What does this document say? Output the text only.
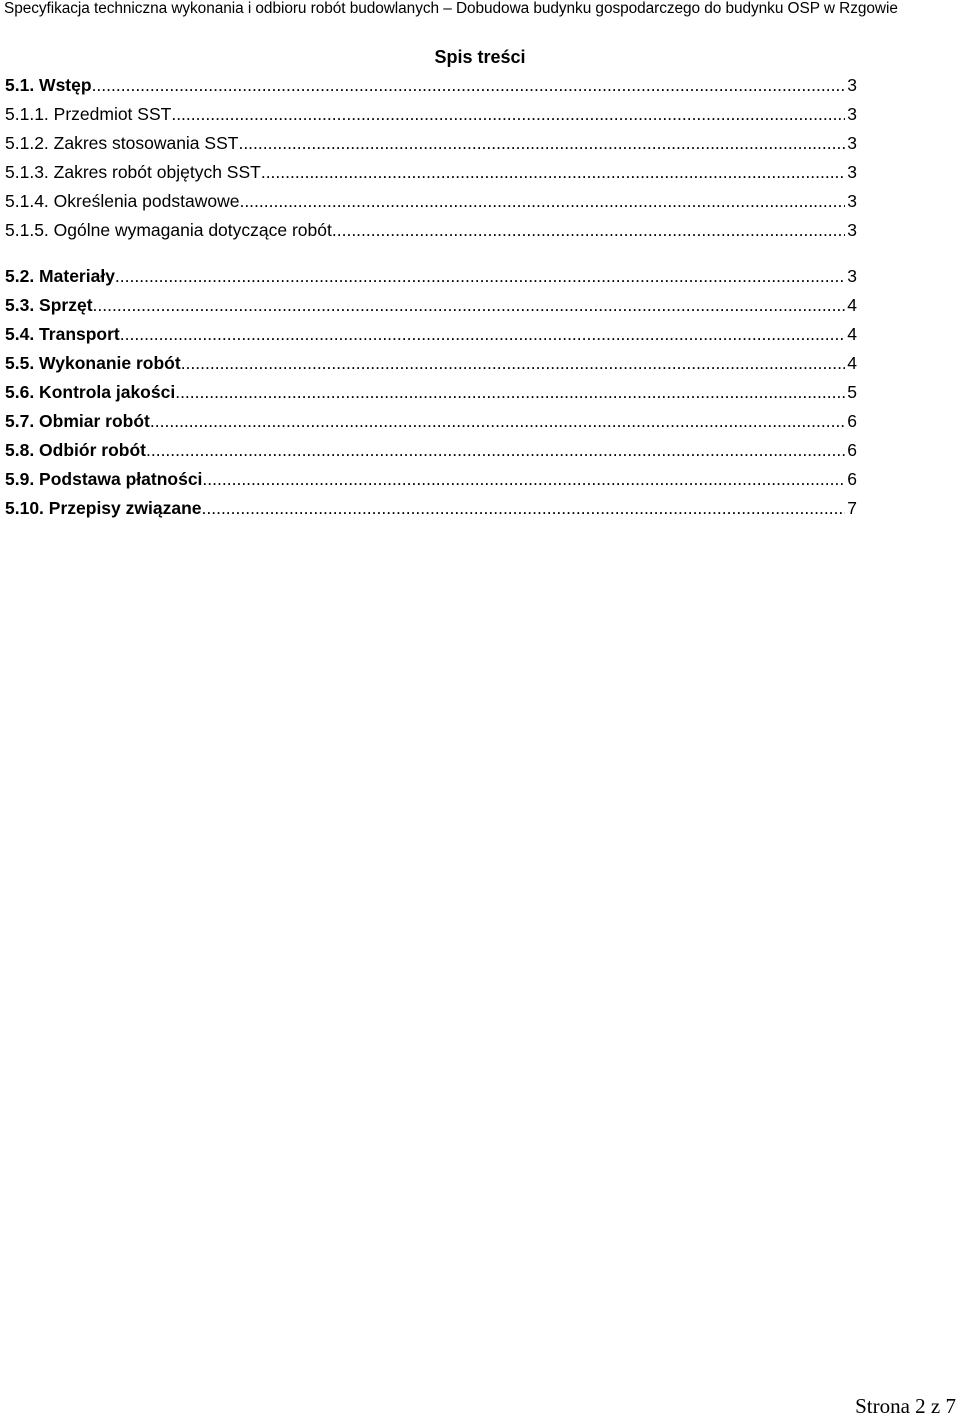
Specyfikacja techniczna wykonania i odbioru robót budowlanych – Dobudowa budynku gospodarczego do budynku OSP w Rzgowie
Spis treści
5.1. Wstęp .....	3
5.1.1. Przedmiot SST .....	3
5.1.2. Zakres stosowania SST .....	3
5.1.3. Zakres robót objętych SST .....	3
5.1.4. Określenia podstawowe .....	3
5.1.5. Ogólne wymagania dotyczące robót .....	3
5.2. Materiały .....	3
5.3. Sprzęt .....	4
5.4. Transport .....	4
5.5. Wykonanie robót .....	4
5.6. Kontrola jakości .....	5
5.7. Obmiar robót .....	6
5.8. Odbiór robót .....	6
5.9. Podstawa płatności .....	6
5.10. Przepisy związane .....	7
Strona 2 z 7
